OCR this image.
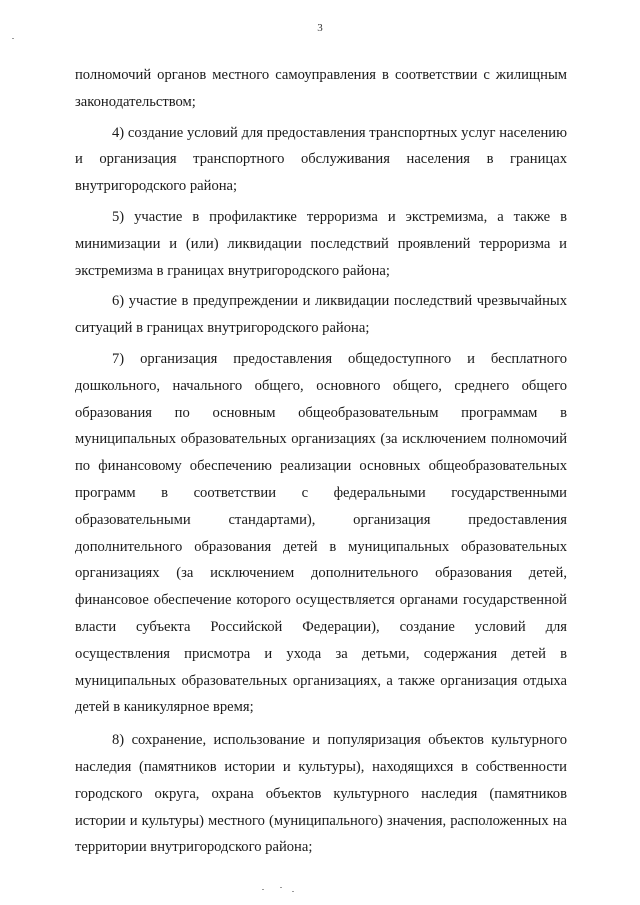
3

полномочий органов местного самоуправления в соответствии с жилищным законодательством;

4) создание условий для предоставления транспортных услуг населению и организация транспортного обслуживания населения в границах внутригородского района;

5) участие в профилактике терроризма и экстремизма, а также в минимизации и (или) ликвидации последствий проявлений терроризма и экстремизма в границах внутригородского района;

6) участие в предупреждении и ликвидации последствий чрезвычайных ситуаций в границах внутригородского района;

7) организация предоставления общедоступного и бесплатного дошкольного, начального общего, основного общего, среднего общего образования по основным общеобразовательным программам в муниципальных образовательных организациях (за исключением полномочий по финансовому обеспечению реализации основных общеобразовательных программ в соответствии с федеральными государственными образовательными стандартами), организация предоставления дополнительного образования детей в муниципальных образовательных организациях (за исключением дополнительного образования детей, финансовое обеспечение которого осуществляется органами государственной власти субъекта Российской Федерации), создание условий для осуществления присмотра и ухода за детьми, содержания детей в муниципальных образовательных организациях, а также организация отдыха детей в каникулярное время;

8) сохранение, использование и популяризация объектов культурного наследия (памятников истории и культуры), находящихся в собственности городского округа, охрана объектов культурного наследия (памятников истории и культуры) местного (муниципального) значения, расположенных на территории внутригородского района;
